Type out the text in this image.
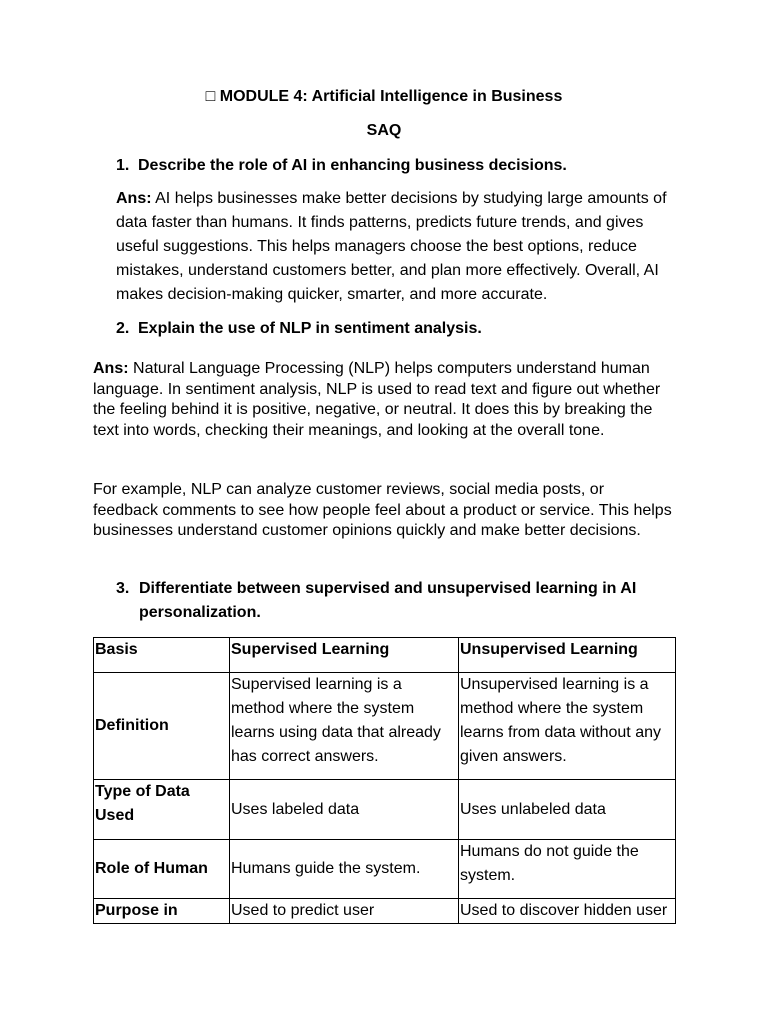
□ MODULE 4: Artificial Intelligence in Business
SAQ
1. Describe the role of AI in enhancing business decisions.
Ans: AI helps businesses make better decisions by studying large amounts of data faster than humans. It finds patterns, predicts future trends, and gives useful suggestions. This helps managers choose the best options, reduce mistakes, understand customers better, and plan more effectively. Overall, AI makes decision-making quicker, smarter, and more accurate.
2. Explain the use of NLP in sentiment analysis.
Ans: Natural Language Processing (NLP) helps computers understand human language. In sentiment analysis, NLP is used to read text and figure out whether the feeling behind it is positive, negative, or neutral. It does this by breaking the text into words, checking their meanings, and looking at the overall tone.
For example, NLP can analyze customer reviews, social media posts, or feedback comments to see how people feel about a product or service. This helps businesses understand customer opinions quickly and make better decisions.
3. Differentiate between supervised and unsupervised learning in AI personalization.
Basis	Supervised Learning	Unsupervised Learning
Definition	Supervised learning is a method where the system learns using data that already has correct answers.	Unsupervised learning is a method where the system learns from data without any given answers.
Type of Data Used	Uses labeled data	Uses unlabeled data
Role of Human	Humans guide the system.	Humans do not guide the system.
Purpose in	Used to predict user	Used to discover hidden user
